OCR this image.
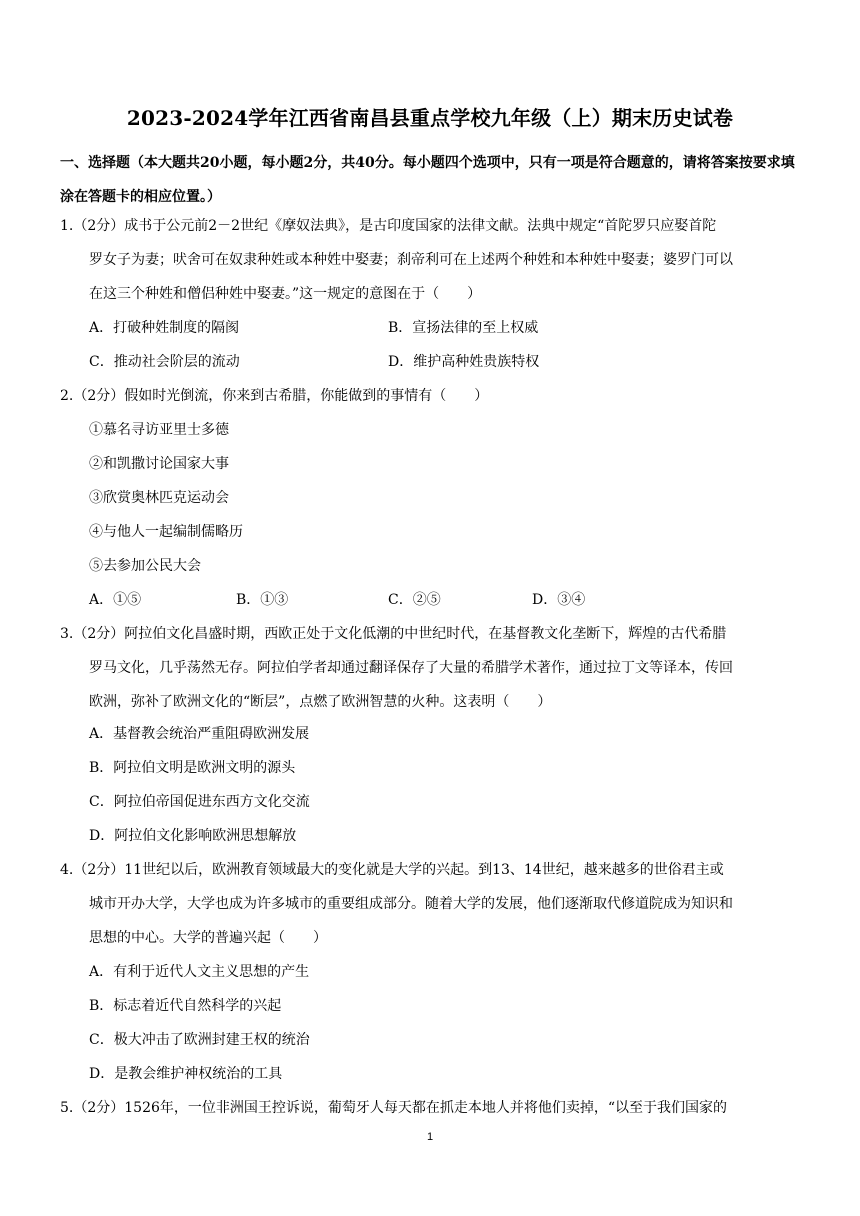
2023-2024学年江西省南昌县重点学校九年级（上）期末历史试卷
一、选择题（本大题共20小题，每小题2分，共40分。每小题四个选项中，只有一项是符合题意的，请将答案按要求填涂在答题卡的相应位置。）
1.（2分）成书于公元前2－2世纪《摩奴法典》，是古印度国家的法律文献。法典中规定“首陀罗只应娶首陀
罗女子为妻；吠舍可在奴隶种姓或本种姓中娶妻；刹帝利可在上述两个种姓和本种姓中娶妻；婆罗门可以
在这三个种姓和僧侣种姓中娶妻。”这一规定的意图在于（　　）
A．打破种姓制度的隔阂	B．宣扬法律的至上权威
C．推动社会阶层的流动	D．维护高种姓贵族特权
2.（2分）假如时光倒流，你来到古希腊，你能做到的事情有（　　）
①慕名寻访亚里士多德
②和凯撒讨论国家大事
③欣赏奥林匹克运动会
④与他人一起编制儒略历
⑤去参加公民大会
A．①⑤	B．①③	C．②⑤	D．③④
3.（2分）阿拉伯文化昌盛时期，西欧正处于文化低潮的中世纪时代，在基督教文化垄断下，辉煌的古代希腊
罗马文化，几乎荡然无存。阿拉伯学者却通过翻译保存了大量的希腊学术著作，通过拉丁文等译本，传回
欧洲，弥补了欧洲文化的“断层”，点燃了欧洲智慧的火种。这表明（　　）
A．基督教会统治严重阻碍欧洲发展
B．阿拉伯文明是欧洲文明的源头
C．阿拉伯帝国促进东西方文化交流
D．阿拉伯文化影响欧洲思想解放
4.（2分）11世纪以后，欧洲教育领域最大的变化就是大学的兴起。到13、14世纪，越来越多的世俗君主或
城市开办大学，大学也成为许多城市的重要组成部分。随着大学的发展，他们逐渐取代修道院成为知识和
思想的中心。大学的普遍兴起（　　）
A．有利于近代人文主义思想的产生
B．标志着近代自然科学的兴起
C．极大冲击了欧洲封建王权的统治
D．是教会维护神权统治的工具
5.（2分）1526年，一位非洲国王控诉说，葡萄牙人每天都在抓走本地人并将他们卖掉，“以至于我们国家的
1
